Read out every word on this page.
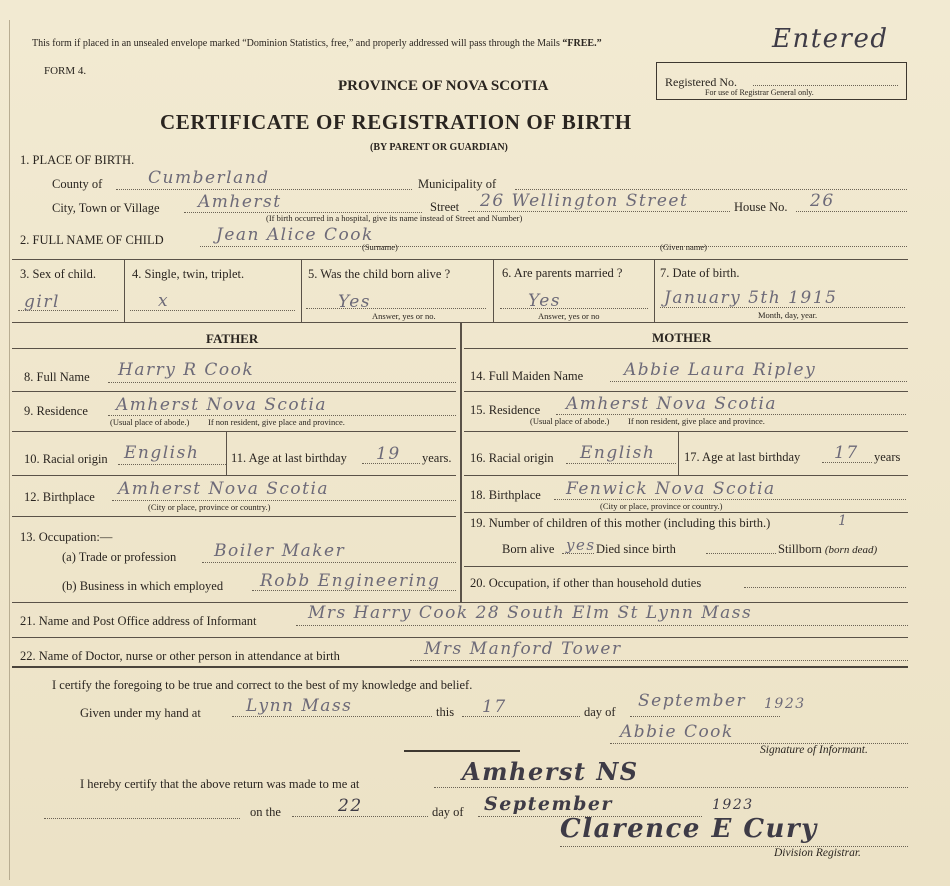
This form if placed in an unsealed envelope marked “Dominion Statistics, free,” and properly addressed will pass through the Mails “FREE.”	Entered
FORM 4.
PROVINCE OF NOVA SCOTIA	Registered No.
For use of Registrar General only.
CERTIFICATE OF REGISTRATION OF BIRTH
(BY PARENT OR GUARDIAN)
1. PLACE OF BIRTH.
County of	Cumberland	Municipality of
City, Town or Village Amherst	Street 26 Wellington Street	House No. 26
(If birth occurred in a hospital, give its name instead of Street and Number)
2. FULL NAME OF CHILD	Jean Alice Cook
(Surname)	(Given name)
3. Sex of child.
girl
4. Single, twin, triplet.
x
5. Was the child born alive ?
Yes
Answer, yes or no.
6. Are parents married ?
Yes
Answer, yes or no
7. Date of birth.
January 5th 1915
Month, day, year.
FATHER	MOTHER
8. Full Name Harry R Cook
9. Residence Amherst Nova Scotia
(Usual place of abode.) If non resident, give place and province.
10. Racial origin English	11. Age at last birthday 19 years.
12. Birthplace Amherst Nova Scotia
(City or place, province or country.)
13. Occupation:—
(a) Trade or profession Boiler Maker
(b) Business in which employed Robb Engineering
14. Full Maiden Name Abbie Laura Ripley
15. Residence Amherst Nova Scotia
(Usual place of abode.) If non resident, give place and province.
16. Racial origin English 17. Age at last birthday 17 years
18. Birthplace Fenwick Nova Scotia
(City or place, province or country.)
19. Number of children of this mother (including this birth.)	1
Born alive yes Died since birth	Stillborn (born dead)
20. Occupation, if other than household duties
21. Name and Post Office address of Informant	Mrs Harry Cook 28 South Elm St Lynn Mass
22. Name of Doctor, nurse or other person in attendance at birth	Mrs Manford Tower
I certify the foregoing to be true and correct to the best of my knowledge and belief.
Given under my hand at	Lynn Mass	this 17	day of
September 1923
Abbie Cook
Signature of Informant.
I hereby certify that the above return was made to me at	Amherst NS
on the	22	day of September	1923
Clarence E Cury
Division Registrar.
